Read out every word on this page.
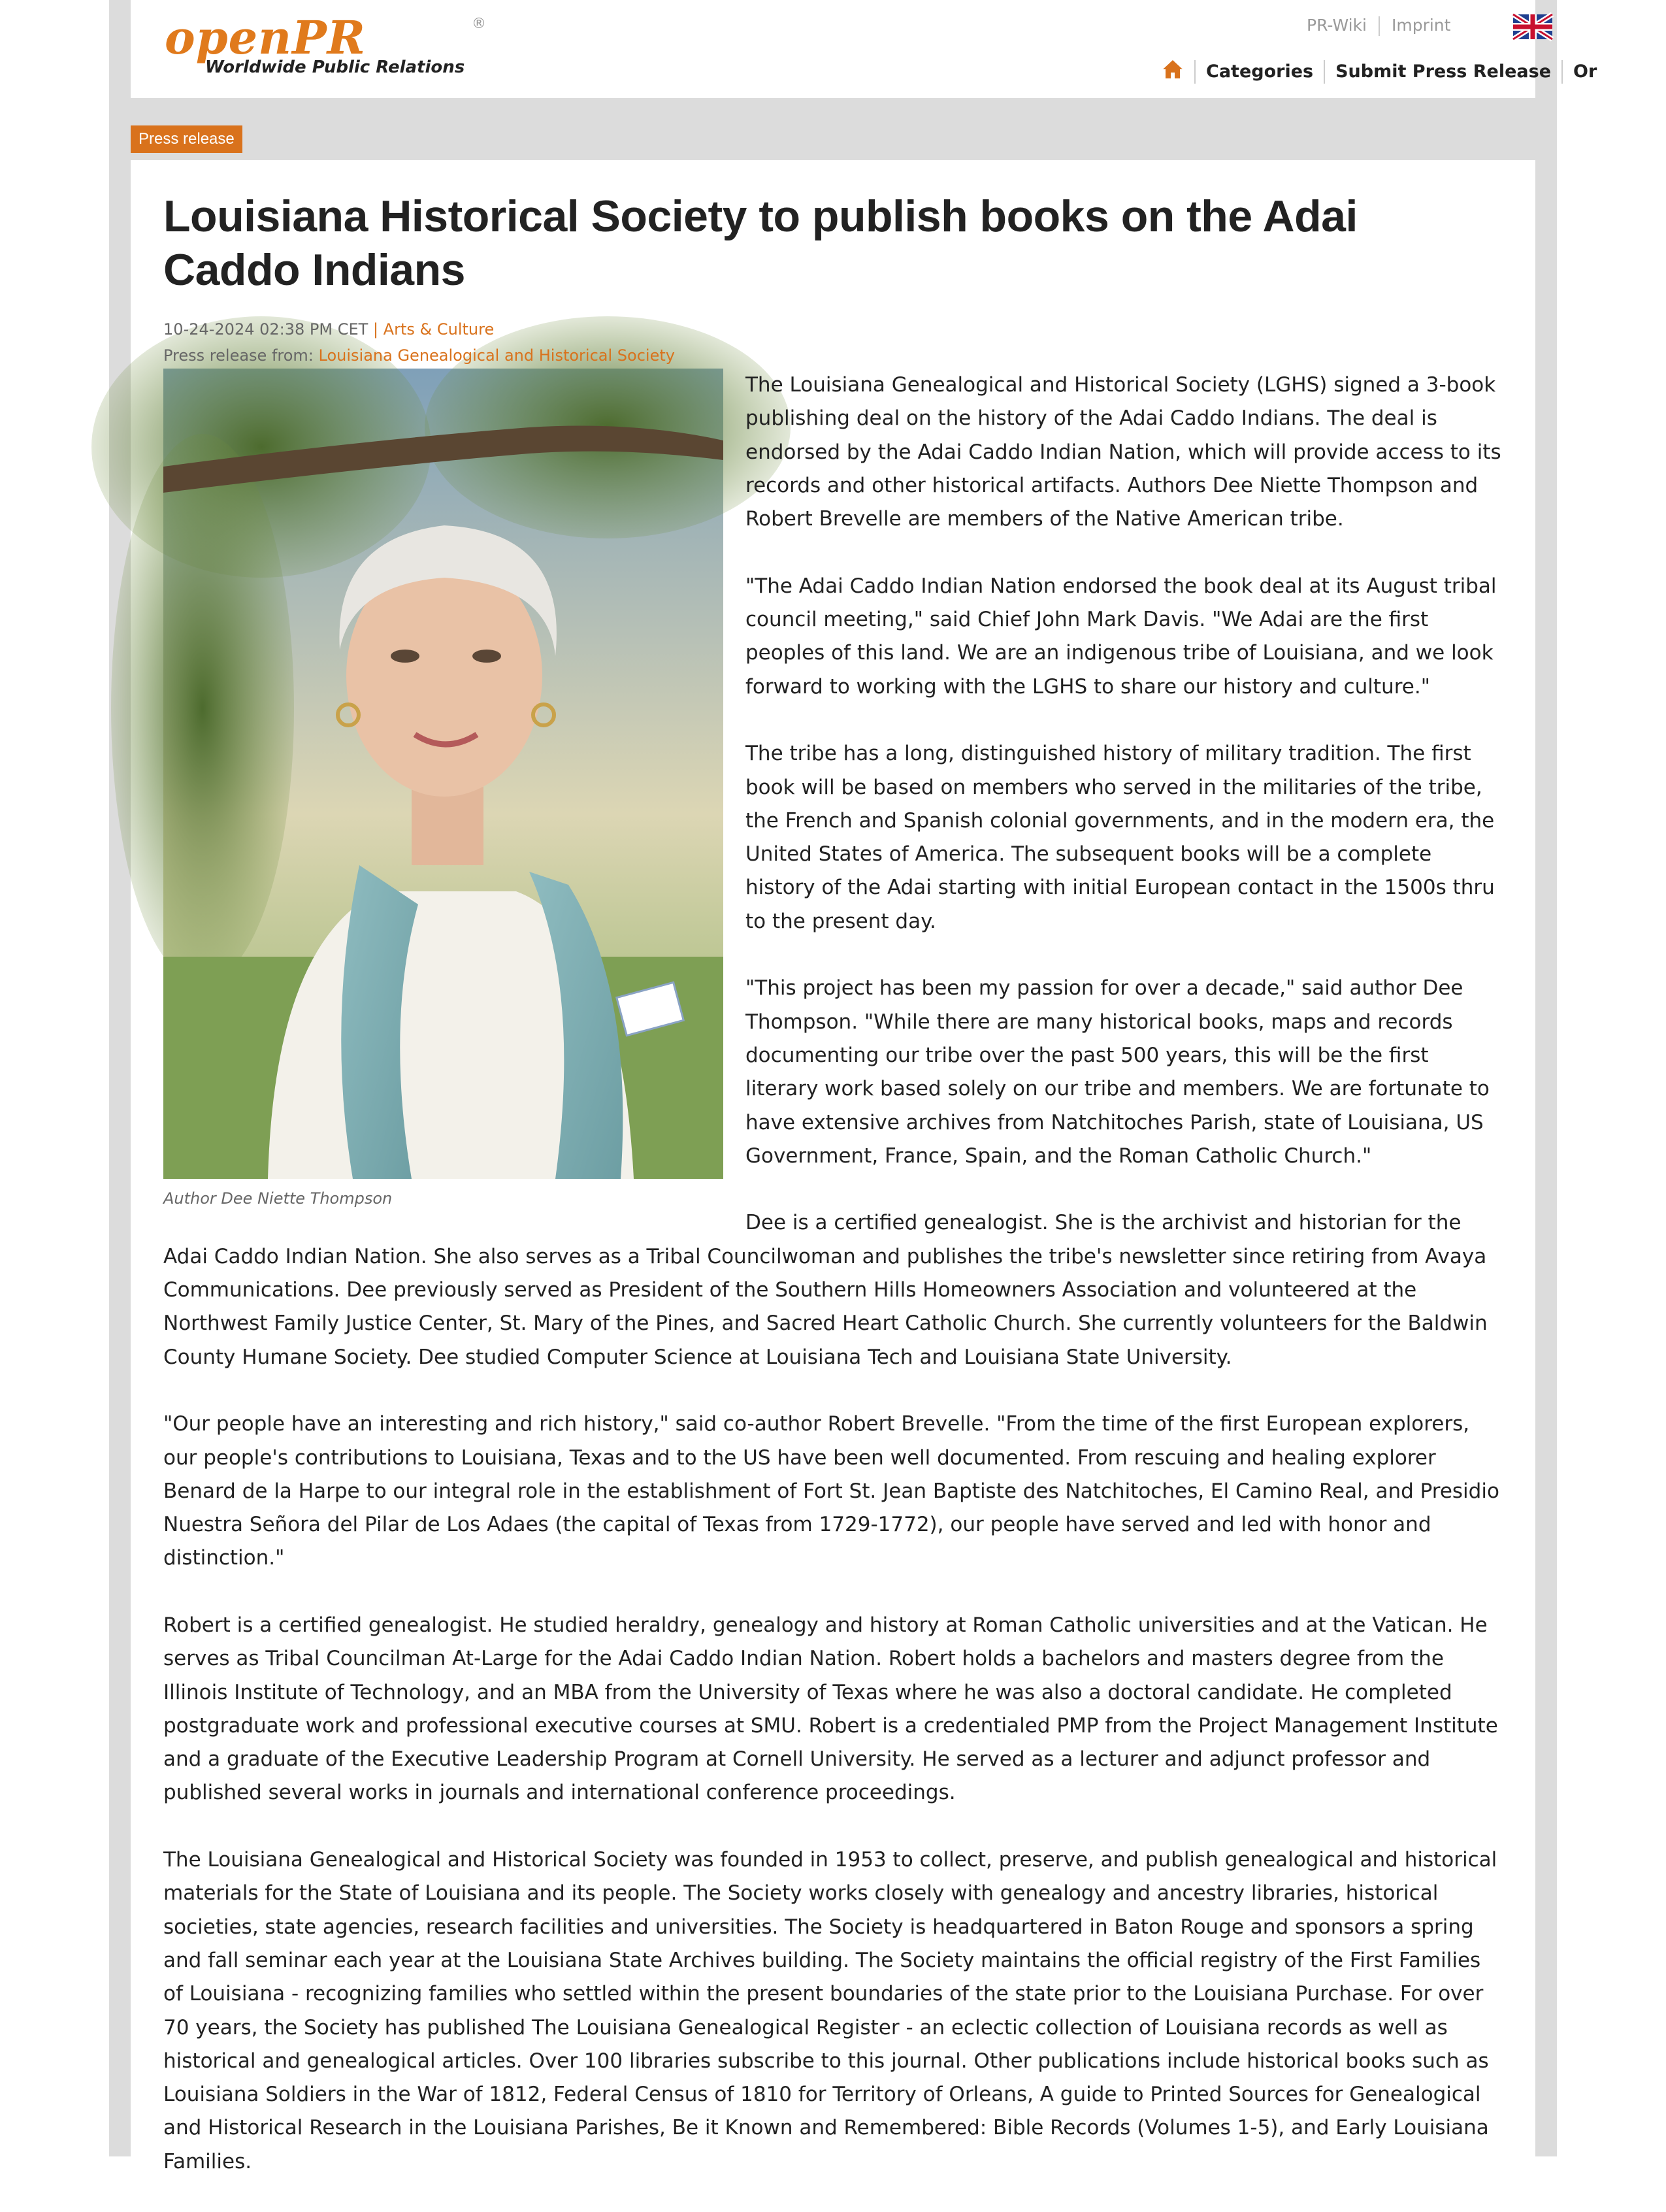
openPR	®
Worldwide Public Relations
PR-Wiki Imprint
Categories Submit Press Release Or
Press release
Louisiana Historical Society to publish books on the Adai Caddo Indians
10-24-2024 02:38 PM CET | Arts & Culture
Press release from: Louisiana Genealogical and Historical Society
Author Dee Niette Thompson

The Louisiana Genealogical and Historical Society (LGHS) signed a 3-book publishing deal on the history of the Adai Caddo Indians. The deal is endorsed by the Adai Caddo Indian Nation, which will provide access to its records and other historical artifacts. Authors Dee Niette Thompson and Robert Brevelle are members of the Native American tribe.

"The Adai Caddo Indian Nation endorsed the book deal at its August tribal council meeting," said Chief John Mark Davis. "We Adai are the first peoples of this land. We are an indigenous tribe of Louisiana, and we look forward to working with the LGHS to share our history and culture."

The tribe has a long, distinguished history of military tradition. The first book will be based on members who served in the militaries of the tribe, the French and Spanish colonial governments, and in the modern era, the United States of America. The subsequent books will be a complete history of the Adai starting with initial European contact in the 1500s thru to the present day.

"This project has been my passion for over a decade," said author Dee Thompson. "While there are many historical books, maps and records documenting our tribe over the past 500 years, this will be the first literary work based solely on our tribe and members. We are fortunate to have extensive archives from Natchitoches Parish, state of Louisiana, US Government, France, Spain, and the Roman Catholic Church."

Dee is a certified genealogist. She is the archivist and historian for the Adai Caddo Indian Nation. She also serves as a Tribal Councilwoman and publishes the tribe's newsletter since retiring from Avaya Communications. Dee previously served as President of the Southern Hills Homeowners Association and volunteered at the Northwest Family Justice Center, St. Mary of the Pines, and Sacred Heart Catholic Church. She currently volunteers for the Baldwin County Humane Society. Dee studied Computer Science at Louisiana Tech and Louisiana State University.

"Our people have an interesting and rich history," said co-author Robert Brevelle. "From the time of the first European explorers, our people's contributions to Louisiana, Texas and to the US have been well documented. From rescuing and healing explorer Benard de la Harpe to our integral role in the establishment of Fort St. Jean Baptiste des Natchitoches, El Camino Real, and Presidio Nuestra Señora del Pilar de Los Adaes (the capital of Texas from 1729-1772), our people have served and led with honor and distinction."

Robert is a certified genealogist. He studied heraldry, genealogy and history at Roman Catholic universities and at the Vatican. He serves as Tribal Councilman At-Large for the Adai Caddo Indian Nation. Robert holds a bachelors and masters degree from the Illinois Institute of Technology, and an MBA from the University of Texas where he was also a doctoral candidate. He completed postgraduate work and professional executive courses at SMU. Robert is a credentialed PMP from the Project Management Institute and a graduate of the Executive Leadership Program at Cornell University. He served as a lecturer and adjunct professor and published several works in journals and international conference proceedings.

The Louisiana Genealogical and Historical Society was founded in 1953 to collect, preserve, and publish genealogical and historical materials for the State of Louisiana and its people. The Society works closely with genealogy and ancestry libraries, historical societies, state agencies, research facilities and universities. The Society is headquartered in Baton Rouge and sponsors a spring and fall seminar each year at the Louisiana State Archives building. The Society maintains the official registry of the First Families of Louisiana - recognizing families who settled within the present boundaries of the state prior to the Louisiana Purchase. For over 70 years, the Society has published The Louisiana Genealogical Register - an eclectic collection of Louisiana records as well as historical and genealogical articles. Over 100 libraries subscribe to this journal. Other publications include historical books such as Louisiana Soldiers in the War of 1812, Federal Census of 1810 for Territory of Orleans, A guide to Printed Sources for Genealogical and Historical Research in the Louisiana Parishes, Be it Known and Remembered: Bible Records (Volumes 1-5), and Early Louisiana Families.
